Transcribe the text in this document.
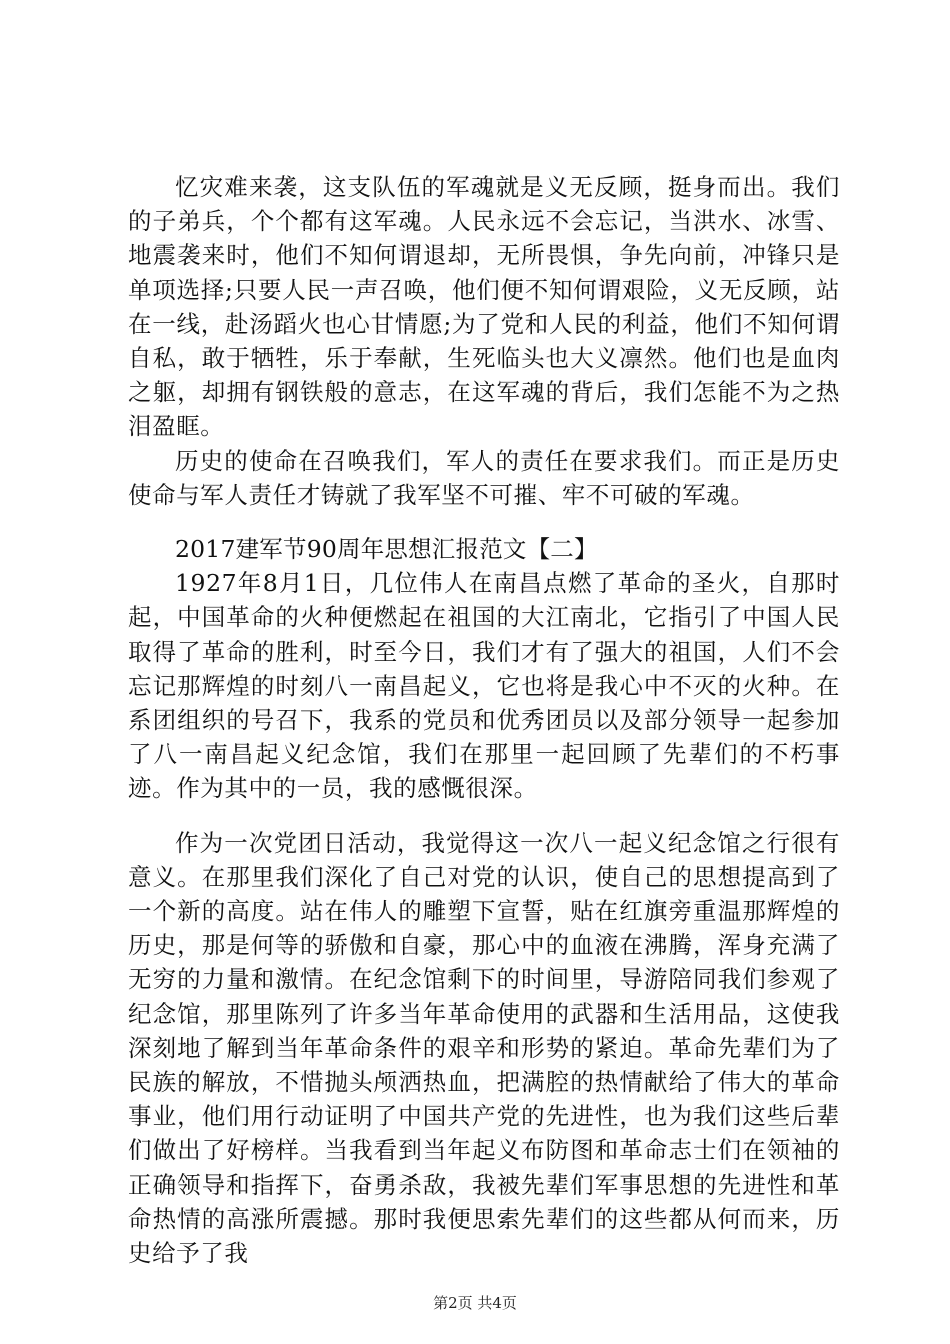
忆灾难来袭，这支队伍的军魂就是义无反顾，挺身而出。我们的子弟兵，个个都有这军魂。人民永远不会忘记，当洪水、冰雪、地震袭来时，他们不知何谓退却，无所畏惧，争先向前，冲锋只是单项选择;只要人民一声召唤，他们便不知何谓艰险，义无反顾，站在一线，赴汤蹈火也心甘情愿;为了党和人民的利益，他们不知何谓自私，敢于牺牲，乐于奉献，生死临头也大义凛然。他们也是血肉之躯，却拥有钢铁般的意志，在这军魂的背后，我们怎能不为之热泪盈眶。

历史的使命在召唤我们，军人的责任在要求我们。而正是历史使命与军人责任才铸就了我军坚不可摧、牢不可破的军魂。

2017建军节90周年思想汇报范文【二】

1927年8月1日，几位伟人在南昌点燃了革命的圣火，自那时起，中国革命的火种便燃起在祖国的大江南北，它指引了中国人民取得了革命的胜利，时至今日，我们才有了强大的祖国，人们不会忘记那辉煌的时刻八一南昌起义，它也将是我心中不灭的火种。在系团组织的号召下，我系的党员和优秀团员以及部分领导一起参加了八一南昌起义纪念馆，我们在那里一起回顾了先辈们的不朽事迹。作为其中的一员，我的感慨很深。

作为一次党团日活动，我觉得这一次八一起义纪念馆之行很有意义。在那里我们深化了自己对党的认识，使自己的思想提高到了一个新的高度。站在伟人的雕塑下宣誓，贴在红旗旁重温那辉煌的历史，那是何等的骄傲和自豪，那心中的血液在沸腾，浑身充满了无穷的力量和激情。在纪念馆剩下的时间里，导游陪同我们参观了纪念馆，那里陈列了许多当年革命使用的武器和生活用品，这使我深刻地了解到当年革命条件的艰辛和形势的紧迫。革命先辈们为了民族的解放，不惜抛头颅洒热血，把满腔的热情献给了伟大的革命事业，他们用行动证明了中国共产党的先进性，也为我们这些后辈们做出了好榜样。当我看到当年起义布防图和革命志士们在领袖的正确领导和指挥下，奋勇杀敌，我被先辈们军事思想的先进性和革命热情的高涨所震撼。那时我便思索先辈们的这些都从何而来，历史给予了我

第2页 共4页
